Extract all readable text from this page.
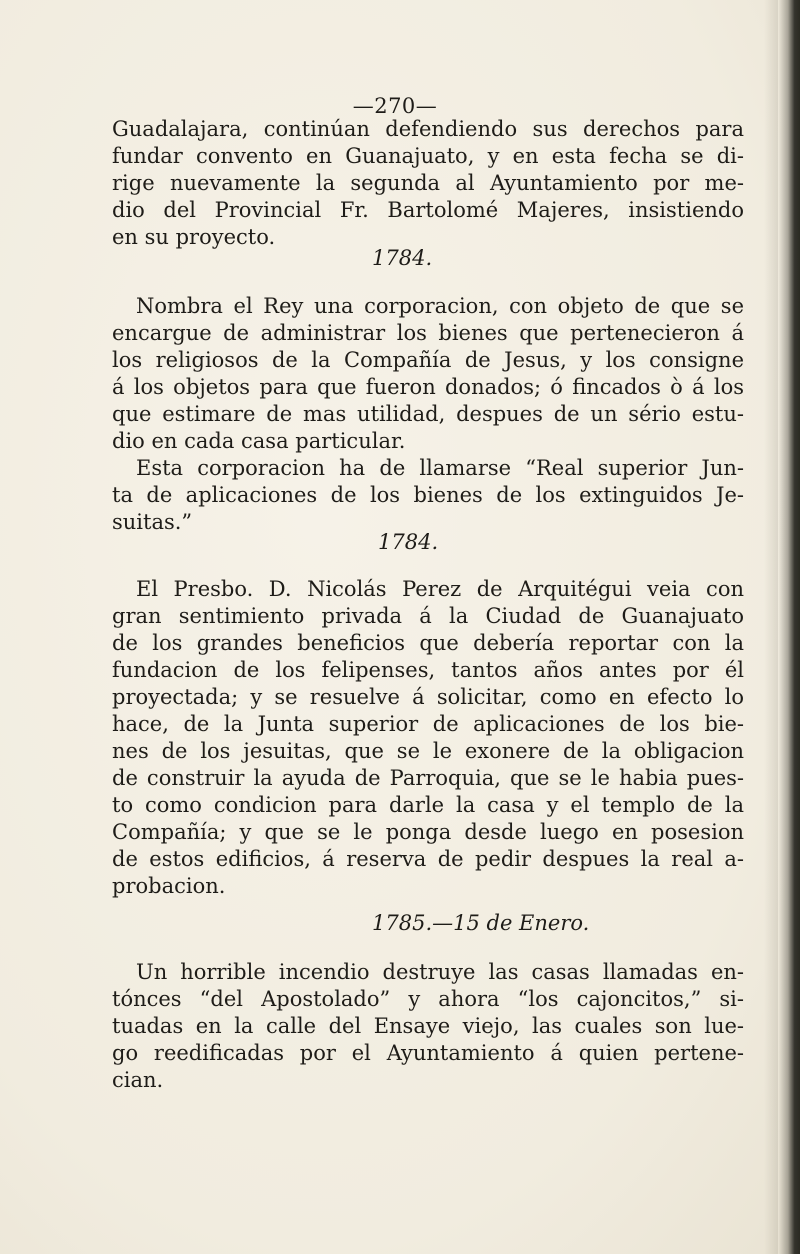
—270—
Guadalajara, continúan defendiendo sus derechos para
fundar convento en Guanajuato, y en esta fecha se di-
rige nuevamente la segunda al Ayuntamiento por me-
dio del Provincial Fr. Bartolomé Majeres, insistiendo
en su proyecto.
1784.
Nombra el Rey una corporacion, con objeto de que se
encargue de administrar los bienes que pertenecieron á
los religiosos de la Compañía de Jesus, y los consigne
á los objetos para que fueron donados; ó fincados ò á los
que estimare de mas utilidad, despues de un sério estu-
dio en cada casa particular.
Esta corporacion ha de llamarse “Real superior Jun-
ta de aplicaciones de los bienes de los extinguidos Je-
suitas.”
1784.
El Presbo. D. Nicolás Perez de Arquitégui veia con
gran sentimiento privada á la Ciudad de Guanajuato
de los grandes beneficios que debería reportar con la
fundacion de los felipenses, tantos años antes por él
proyectada; y se resuelve á solicitar, como en efecto lo
hace, de la Junta superior de aplicaciones de los bie-
nes de los jesuitas, que se le exonere de la obligacion
de construir la ayuda de Parroquia, que se le habia pues-
to como condicion para darle la casa y el templo de la
Compañía; y que se le ponga desde luego en posesion
de estos edificios, á reserva de pedir despues la real a-
probacion.
1785.—15 de Enero.
Un horrible incendio destruye las casas llamadas en-
tónces “del Apostolado” y ahora “los cajoncitos,” si-
tuadas en la calle del Ensaye viejo, las cuales son lue-
go reedificadas por el Ayuntamiento á quien pertene-
cian.
